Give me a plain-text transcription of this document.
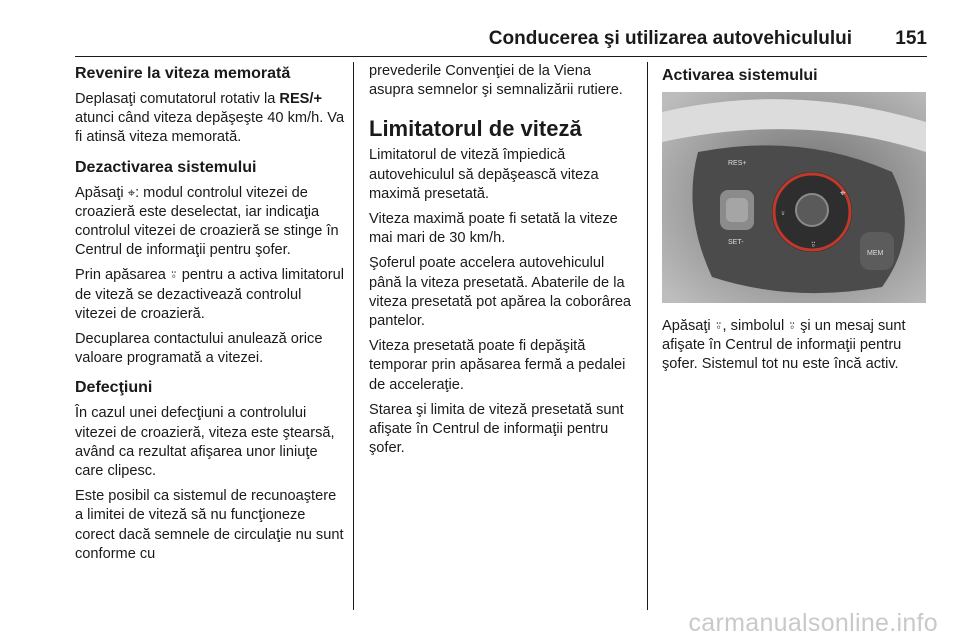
Conducerea şi utilizarea autovehiculului 151
Revenire la viteza memorată

Deplasaţi comutatorul rotativ la RES/+ atunci când viteza depăşeşte 40 km/h. Va fi atinsă viteza memorată.

Dezactivarea sistemului

Apăsaţi ⌖: modul controlul vitezei de croazieră este deselectat, iar indicaţia controlul vitezei de croazieră se stinge în Centrul de informaţii pentru şofer.

Prin apăsarea ⍤ pentru a activa limitatorul de viteză se dezactivează controlul vitezei de croazieră.

Decuplarea contactului anulează orice valoare programată a vitezei.

Defecţiuni

În cazul unei defecţiuni a controlului vitezei de croazieră, viteza este ştearsă, având ca rezultat afişarea unor liniuţe care clipesc.

Este posibil ca sistemul de recunoaştere a limitei de viteză să nu funcţioneze corect dacă semnele de circulaţie nu sunt conforme cu

prevederile Convenţiei de la Viena asupra semnelor şi semnalizării rutiere.

Limitatorul de viteză

Limitatorul de viteză împiedică autovehiculul să depăşească viteza maximă presetată.

Viteza maximă poate fi setată la viteze mai mari de 30 km/h.

Şoferul poate accelera autovehiculul până la viteza presetată. Abaterile de la viteza presetată pot apărea la coborârea pantelor.

Viteza presetată poate fi depăşită temporar prin apăsarea fermă a pedalei de acceleraţie.

Starea şi limita de viteză presetată sunt afişate în Centrul de informaţii pentru şofer.

Activarea sistemului
RES+
SET-
⍤
⌖
⍤
MEM

Apăsaţi ⍤, simbolul ⍤ şi un mesaj sunt afişate în Centrul de informaţii pentru şofer. Sistemul tot nu este încă activ.

carmanualsonline.info
